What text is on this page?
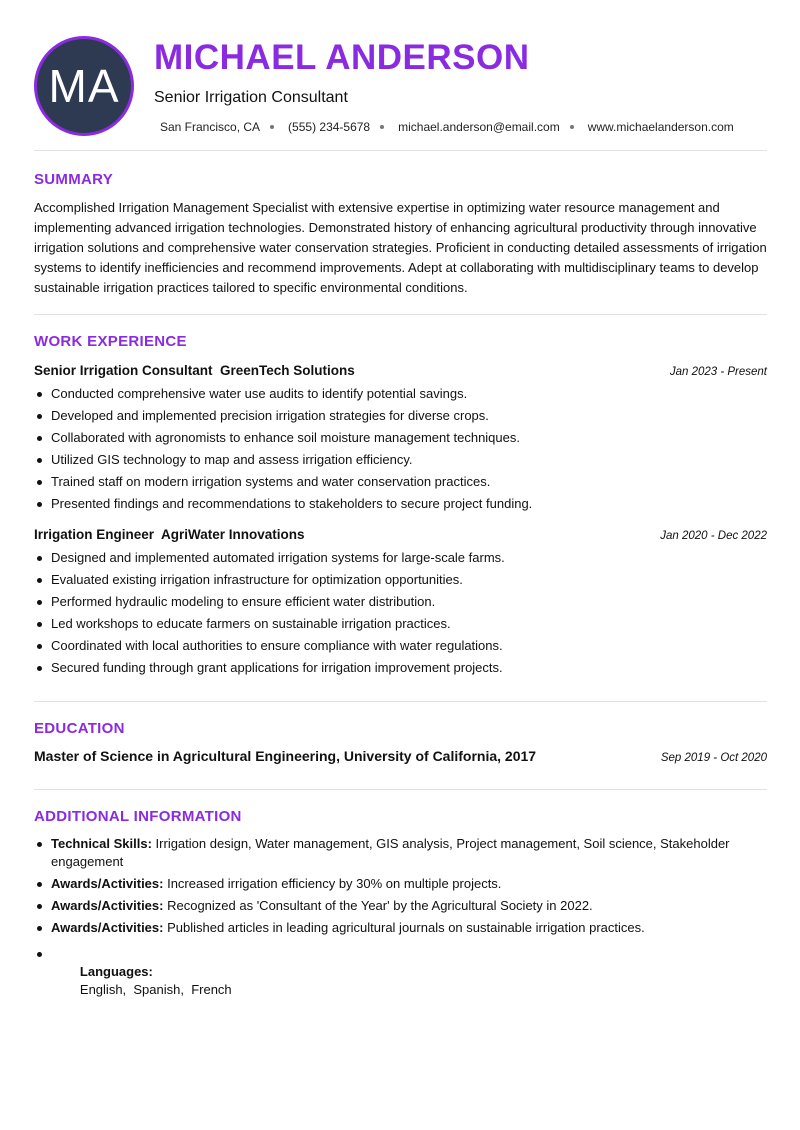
MA
MICHAEL ANDERSON
Senior Irrigation Consultant
San Francisco, CA (555) 234-5678 michael.anderson@email.com www.michaelanderson.com
SUMMARY

Accomplished Irrigation Management Specialist with extensive expertise in optimizing water resource management and implementing advanced irrigation technologies. Demonstrated history of enhancing agricultural productivity through innovative irrigation solutions and comprehensive water conservation strategies. Proficient in conducting detailed assessments of irrigation systems to identify inefficiencies and recommend improvements. Adept at collaborating with multidisciplinary teams to develop sustainable irrigation practices tailored to specific environmental conditions.

WORK EXPERIENCE
Senior Irrigation Consultant GreenTech Solutions	Jan 2023 - Present
Conducted comprehensive water use audits to identify potential savings.
Developed and implemented precision irrigation strategies for diverse crops.
Collaborated with agronomists to enhance soil moisture management techniques.
Utilized GIS technology to map and assess irrigation efficiency.
Trained staff on modern irrigation systems and water conservation practices.
Presented findings and recommendations to stakeholders to secure project funding.
Irrigation Engineer AgriWater Innovations	Jan 2020 - Dec 2022
Designed and implemented automated irrigation systems for large-scale farms.
Evaluated existing irrigation infrastructure for optimization opportunities.
Performed hydraulic modeling to ensure efficient water distribution.
Led workshops to educate farmers on sustainable irrigation practices.
Coordinated with local authorities to ensure compliance with water regulations.
Secured funding through grant applications for irrigation improvement projects.
EDUCATION
Master of Science in Agricultural Engineering, University of California, 2017	Sep 2019 - Oct 2020
ADDITIONAL INFORMATION
Technical Skills: Irrigation design, Water management, GIS analysis, Project management, Soil science, Stakeholder engagement
Awards/Activities: Increased irrigation efficiency by 30% on multiple projects.
Awards/Activities: Recognized as 'Consultant of the Year' by the Agricultural Society in 2022.
Awards/Activities: Published articles in leading agricultural journals on sustainable irrigation practices.

Languages:
English,  Spanish,  French
